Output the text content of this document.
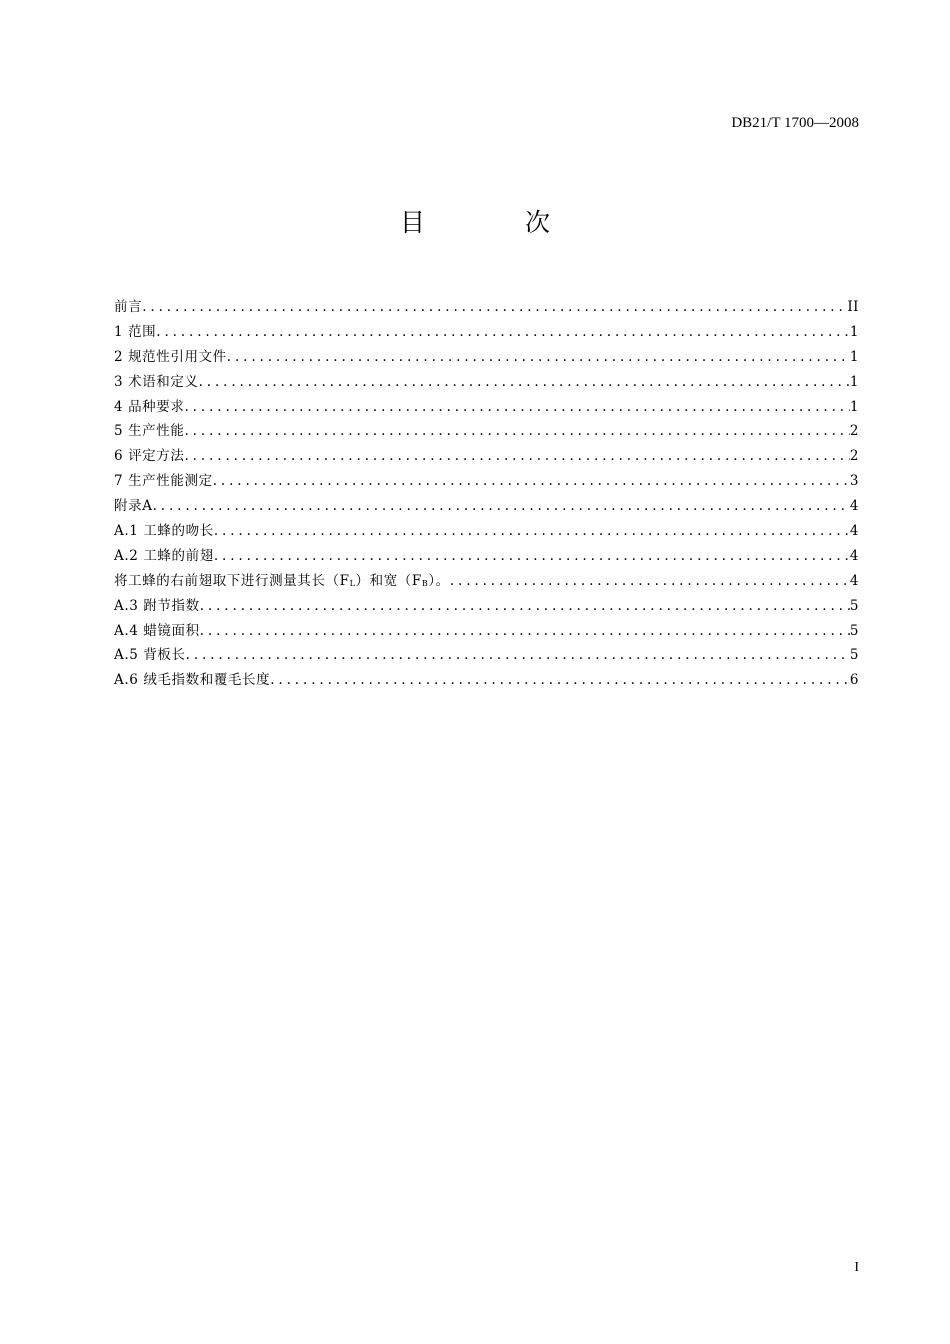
DB21/T 1700—2008
目 次
前言 .....	II
1 范围 .....	1
2 规范性引用文件 .....	1
3 术语和定义 .....	1
4 品种要求 .....	1
5 生产性能 .....	2
6 评定方法 .....	2
7 生产性能测定 .....	3
附录A .....	4
A.1 工蜂的吻长 .....	4
A.2 工蜂的前翅 .....	4
将工蜂的右前翅取下进行测量其长（FL）和宽（FB）。 .....	4
A.3 跗节指数 .....	5
A.4 蜡镜面积 .....	5
A.5 背板长 .....	5
A.6 绒毛指数和覆毛长度 .....	6
I
